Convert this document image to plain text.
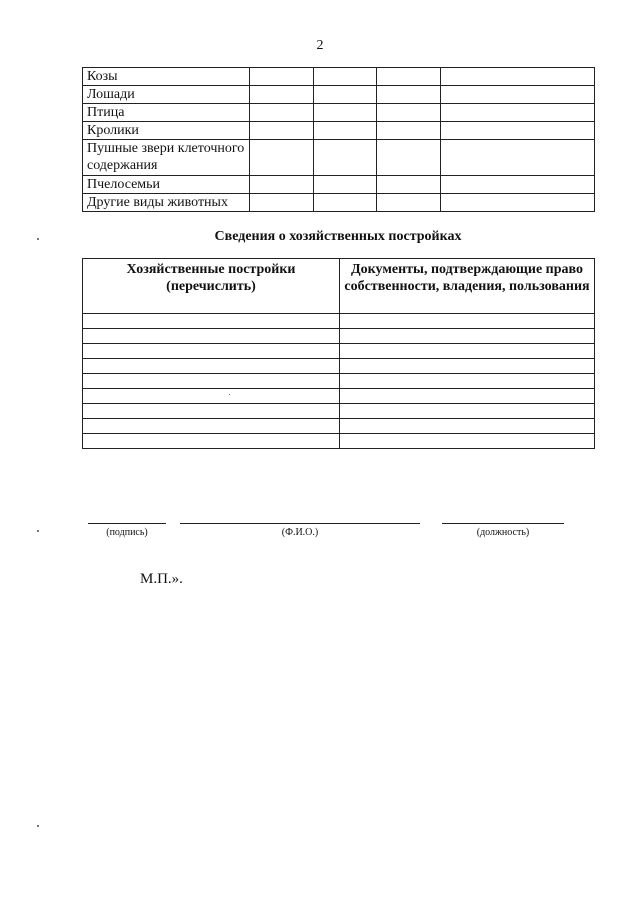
2
Козы				
Лошади				
Птица				
Кролики				
Пушные звери клеточного содержания				
Пчелосемьи				
Другие виды животных				
Сведения о хозяйственных постройках
Хозяйственные постройки (перечислить)	Документы, подтверждающие право собственности, владения, пользования

(подпись)	(Ф.И.О.)	(должность)
М.П.».
